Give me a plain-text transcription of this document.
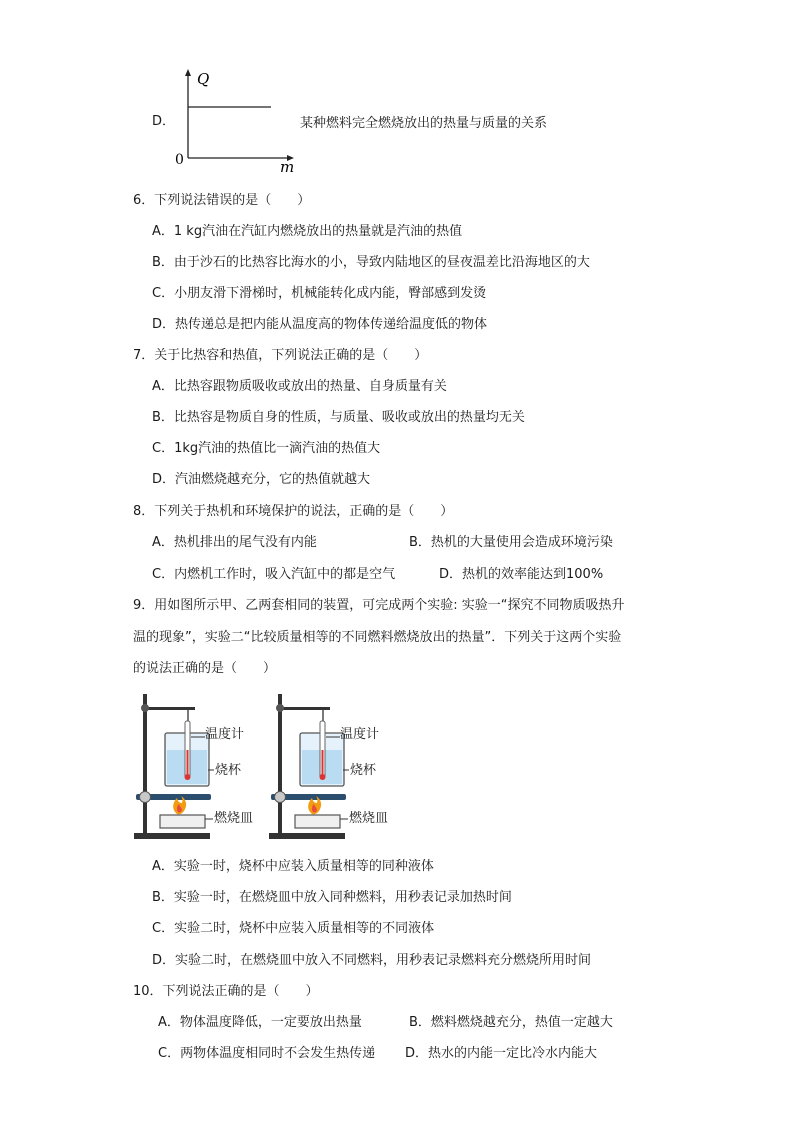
D．
Q
0	m
某种燃料完全燃烧放出的热量与质量的关系
6．下列说法错误的是（　　）
A．1 kg汽油在汽缸内燃烧放出的热量就是汽油的热值
B．由于沙石的比热容比海水的小，导致内陆地区的昼夜温差比沿海地区的大
C．小朋友滑下滑梯时，机械能转化成内能，臀部感到发烫
D．热传递总是把内能从温度高的物体传递给温度低的物体
7．关于比热容和热值，下列说法正确的是（　　）
A．比热容跟物质吸收或放出的热量、自身质量有关
B．比热容是物质自身的性质，与质量、吸收或放出的热量均无关
C．1kg汽油的热值比一滴汽油的热值大
D．汽油燃烧越充分，它的热值就越大
8．下列关于热机和环境保护的说法，正确的是（　　）
A．热机排出的尾气没有内能	B．热机的大量使用会造成环境污染
C．内燃机工作时，吸入汽缸中的都是空气	D．热机的效率能达到100%
9．用如图所示甲、乙两套相同的装置，可完成两个实验: 实验一“探究不同物质吸热升
温的现象”，实验二“比较质量相等的不同燃料燃烧放出的热量”．下列关于这两个实验
的说法正确的是（　　）
温度计
烧杯
燃烧皿
温度计
烧杯
燃烧皿
A．实验一时，烧杯中应装入质量相等的同种液体
B．实验一时，在燃烧皿中放入同种燃料，用秒表记录加热时间
C．实验二时，烧杯中应装入质量相等的不同液体
D．实验二时，在燃烧皿中放入不同燃料，用秒表记录燃料充分燃烧所用时间
10．下列说法正确的是（　　）
A．物体温度降低，一定要放出热量	B．燃料燃烧越充分，热值一定越大
C．两物体温度相同时不会发生热传递 D．热水的内能一定比冷水内能大
